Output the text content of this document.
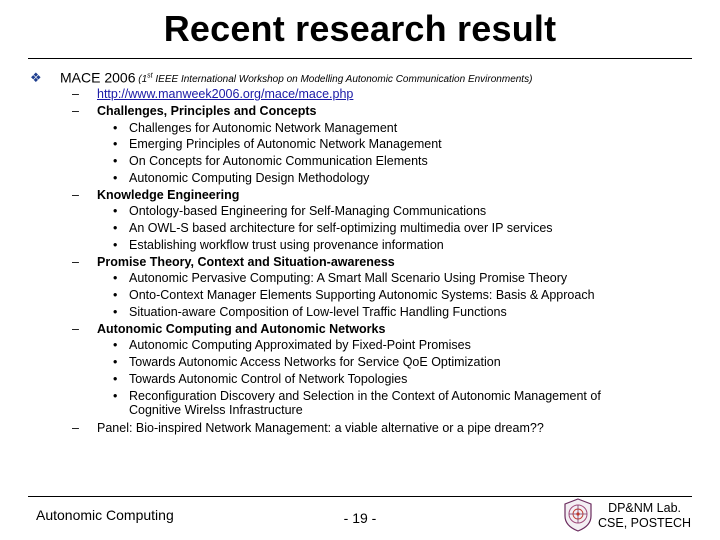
Recent research result
❖ MACE 2006 (1st IEEE International Workshop on Modelling Autonomic Communication Environments)
– http://www.manweek2006.org/mace/mace.php
– Challenges, Principles and Concepts
• Challenges for Autonomic Network Management
• Emerging Principles of Autonomic Network Management
• On Concepts for Autonomic Communication Elements
• Autonomic Computing Design Methodology
– Knowledge Engineering
• Ontology-based Engineering for Self-Managing Communications
• An OWL-S based architecture for self-optimizing multimedia over IP services
• Establishing workflow trust using provenance information
– Promise Theory, Context and Situation-awareness
• Autonomic Pervasive Computing: A Smart Mall Scenario Using Promise Theory
• Onto-Context Manager Elements Supporting Autonomic Systems: Basis & Approach
• Situation-aware Composition of Low-level Traffic Handling Functions
– Autonomic Computing and Autonomic Networks
• Autonomic Computing Approximated by Fixed-Point Promises
• Towards Autonomic Access Networks for Service QoE Optimization
• Towards Autonomic Control of Network Topologies
• Reconfiguration Discovery and Selection in the Context of Autonomic Management of
Cognitive Wirelss Infrastructure
– Panel: Bio-inspired Network Management: a viable alternative or a pipe dream??
Autonomic Computing	- 19 -
DP&NM Lab.
CSE, POSTECH
